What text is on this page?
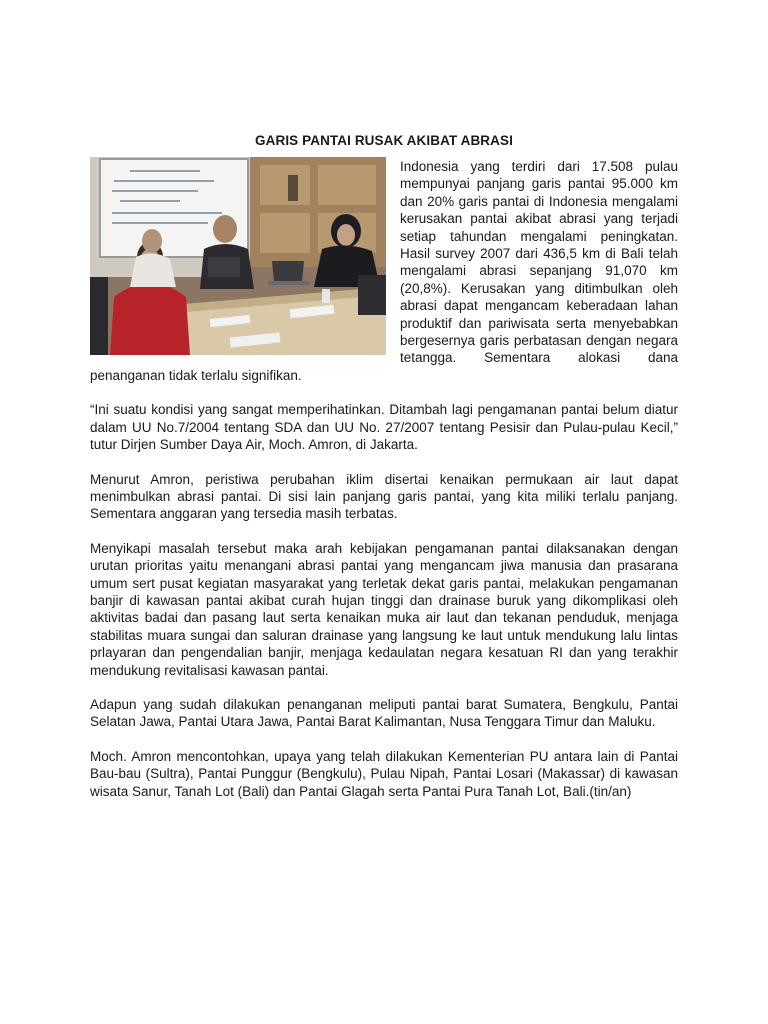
GARIS PANTAI RUSAK AKIBAT ABRASI

Indonesia yang terdiri dari 17.508 pulau mempunyai panjang garis pantai 95.000 km dan 20% garis pantai di Indonesia mengalami kerusakan pantai akibat abrasi yang terjadi setiap tahundan mengalami peningkatan. Hasil survey 2007 dari 436,5 km di Bali telah mengalami abrasi sepanjang 91,070 km (20,8%). Kerusakan yang ditimbulkan oleh abrasi dapat mengancam keberadaan lahan produktif dan pariwisata serta menyebabkan bergesernya garis perbatasan dengan negara tetangga. Sementara alokasi dana penanganan tidak terlalu signifikan.

“Ini suatu kondisi yang sangat memperihatinkan. Ditambah lagi pengamanan pantai belum diatur dalam UU No.7/2004 tentang SDA dan UU No. 27/2007 tentang Pesisir dan Pulau-pulau Kecil,” tutur Dirjen Sumber Daya Air, Moch. Amron, di Jakarta.

Menurut Amron, peristiwa perubahan iklim disertai kenaikan permukaan air laut dapat menimbulkan abrasi pantai. Di sisi lain panjang garis pantai, yang kita miliki terlalu panjang. Sementara anggaran yang tersedia masih terbatas.

Menyikapi masalah tersebut maka arah kebijakan pengamanan pantai dilaksanakan dengan urutan prioritas yaitu menangani abrasi pantai yang mengancam jiwa manusia dan prasarana umum sert pusat kegiatan masyarakat yang terletak dekat garis pantai, melakukan pengamanan banjir di kawasan pantai akibat curah hujan tinggi dan drainase buruk yang dikomplikasi oleh aktivitas badai dan pasang laut serta kenaikan muka air laut dan tekanan penduduk, menjaga stabilitas muara sungai dan saluran drainase yang langsung ke laut untuk mendukung lalu lintas prlayaran dan pengendalian banjir, menjaga kedaulatan negara kesatuan RI dan yang terakhir mendukung revitalisasi kawasan pantai.

Adapun yang sudah dilakukan penanganan meliputi pantai barat Sumatera, Bengkulu, Pantai Selatan Jawa, Pantai Utara Jawa, Pantai Barat Kalimantan, Nusa Tenggara Timur dan Maluku.

Moch. Amron mencontohkan, upaya yang telah dilakukan Kementerian PU antara lain di Pantai Bau-bau (Sultra), Pantai Punggur (Bengkulu), Pulau Nipah, Pantai Losari (Makassar) di kawasan wisata Sanur, Tanah Lot (Bali) dan Pantai Glagah serta Pantai Pura Tanah Lot, Bali.(tin/an)
